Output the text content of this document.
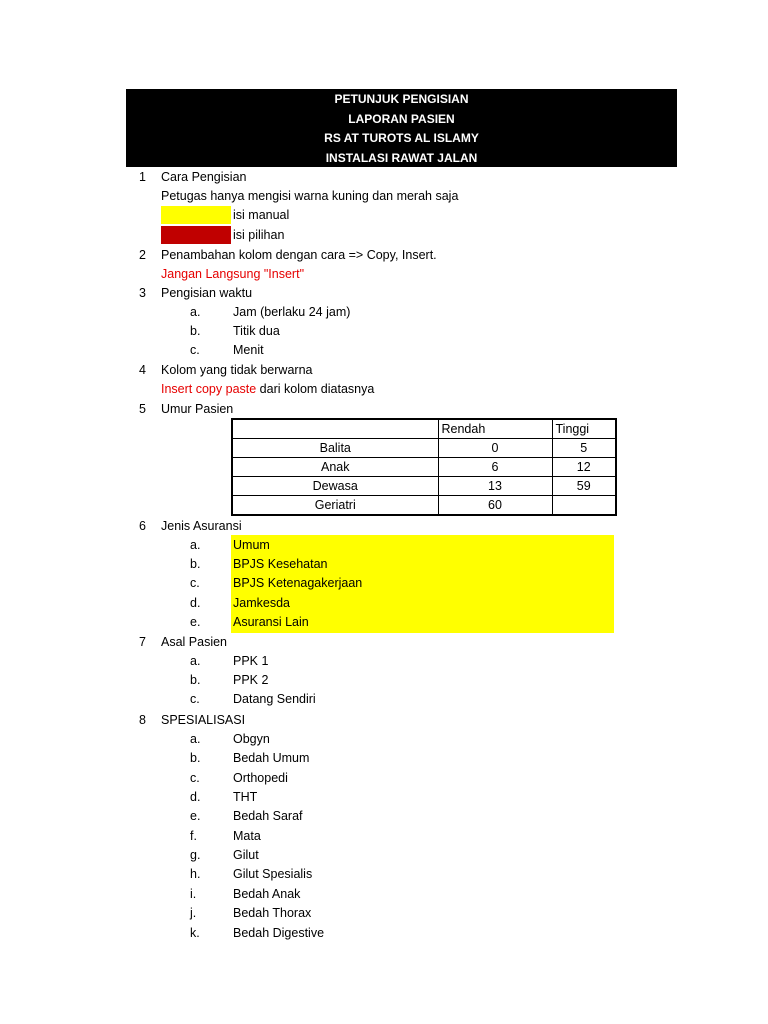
PETUNJUK PENGISIAN
LAPORAN PASIEN
RS AT TUROTS AL ISLAMY
INSTALASI RAWAT JALAN
1 Cara Pengisian
Petugas hanya mengisi warna kuning dan merah saja
isi manual
isi pilihan
2 Penambahan kolom dengan cara => Copy, Insert.
Jangan Langsung "Insert"
3 Pengisian waktu
a.	Jam (berlaku 24 jam)
b.	Titik dua
c.	Menit
4 Kolom yang tidak berwarna
Insert copy paste dari kolom diatasnya
5 Umur Pasien
	Rendah	Tinggi
Balita	0	5
Anak	6	12
Dewasa	13	59
Geriatri	60	
6 Jenis Asuransi
a.	Umum
b.	BPJS Kesehatan
c.	BPJS Ketenagakerjaan
d.	Jamkesda
e.	Asuransi Lain
7 Asal Pasien
a.	PPK 1
b.	PPK 2
c.	Datang Sendiri
8 SPESIALISASI
a.	Obgyn
b.	Bedah Umum
c.	Orthopedi
d.	THT
e.	Bedah Saraf
f.	Mata
g.	Gilut
h.	Gilut Spesialis
i.	Bedah Anak
j.	Bedah Thorax
k.	Bedah Digestive
